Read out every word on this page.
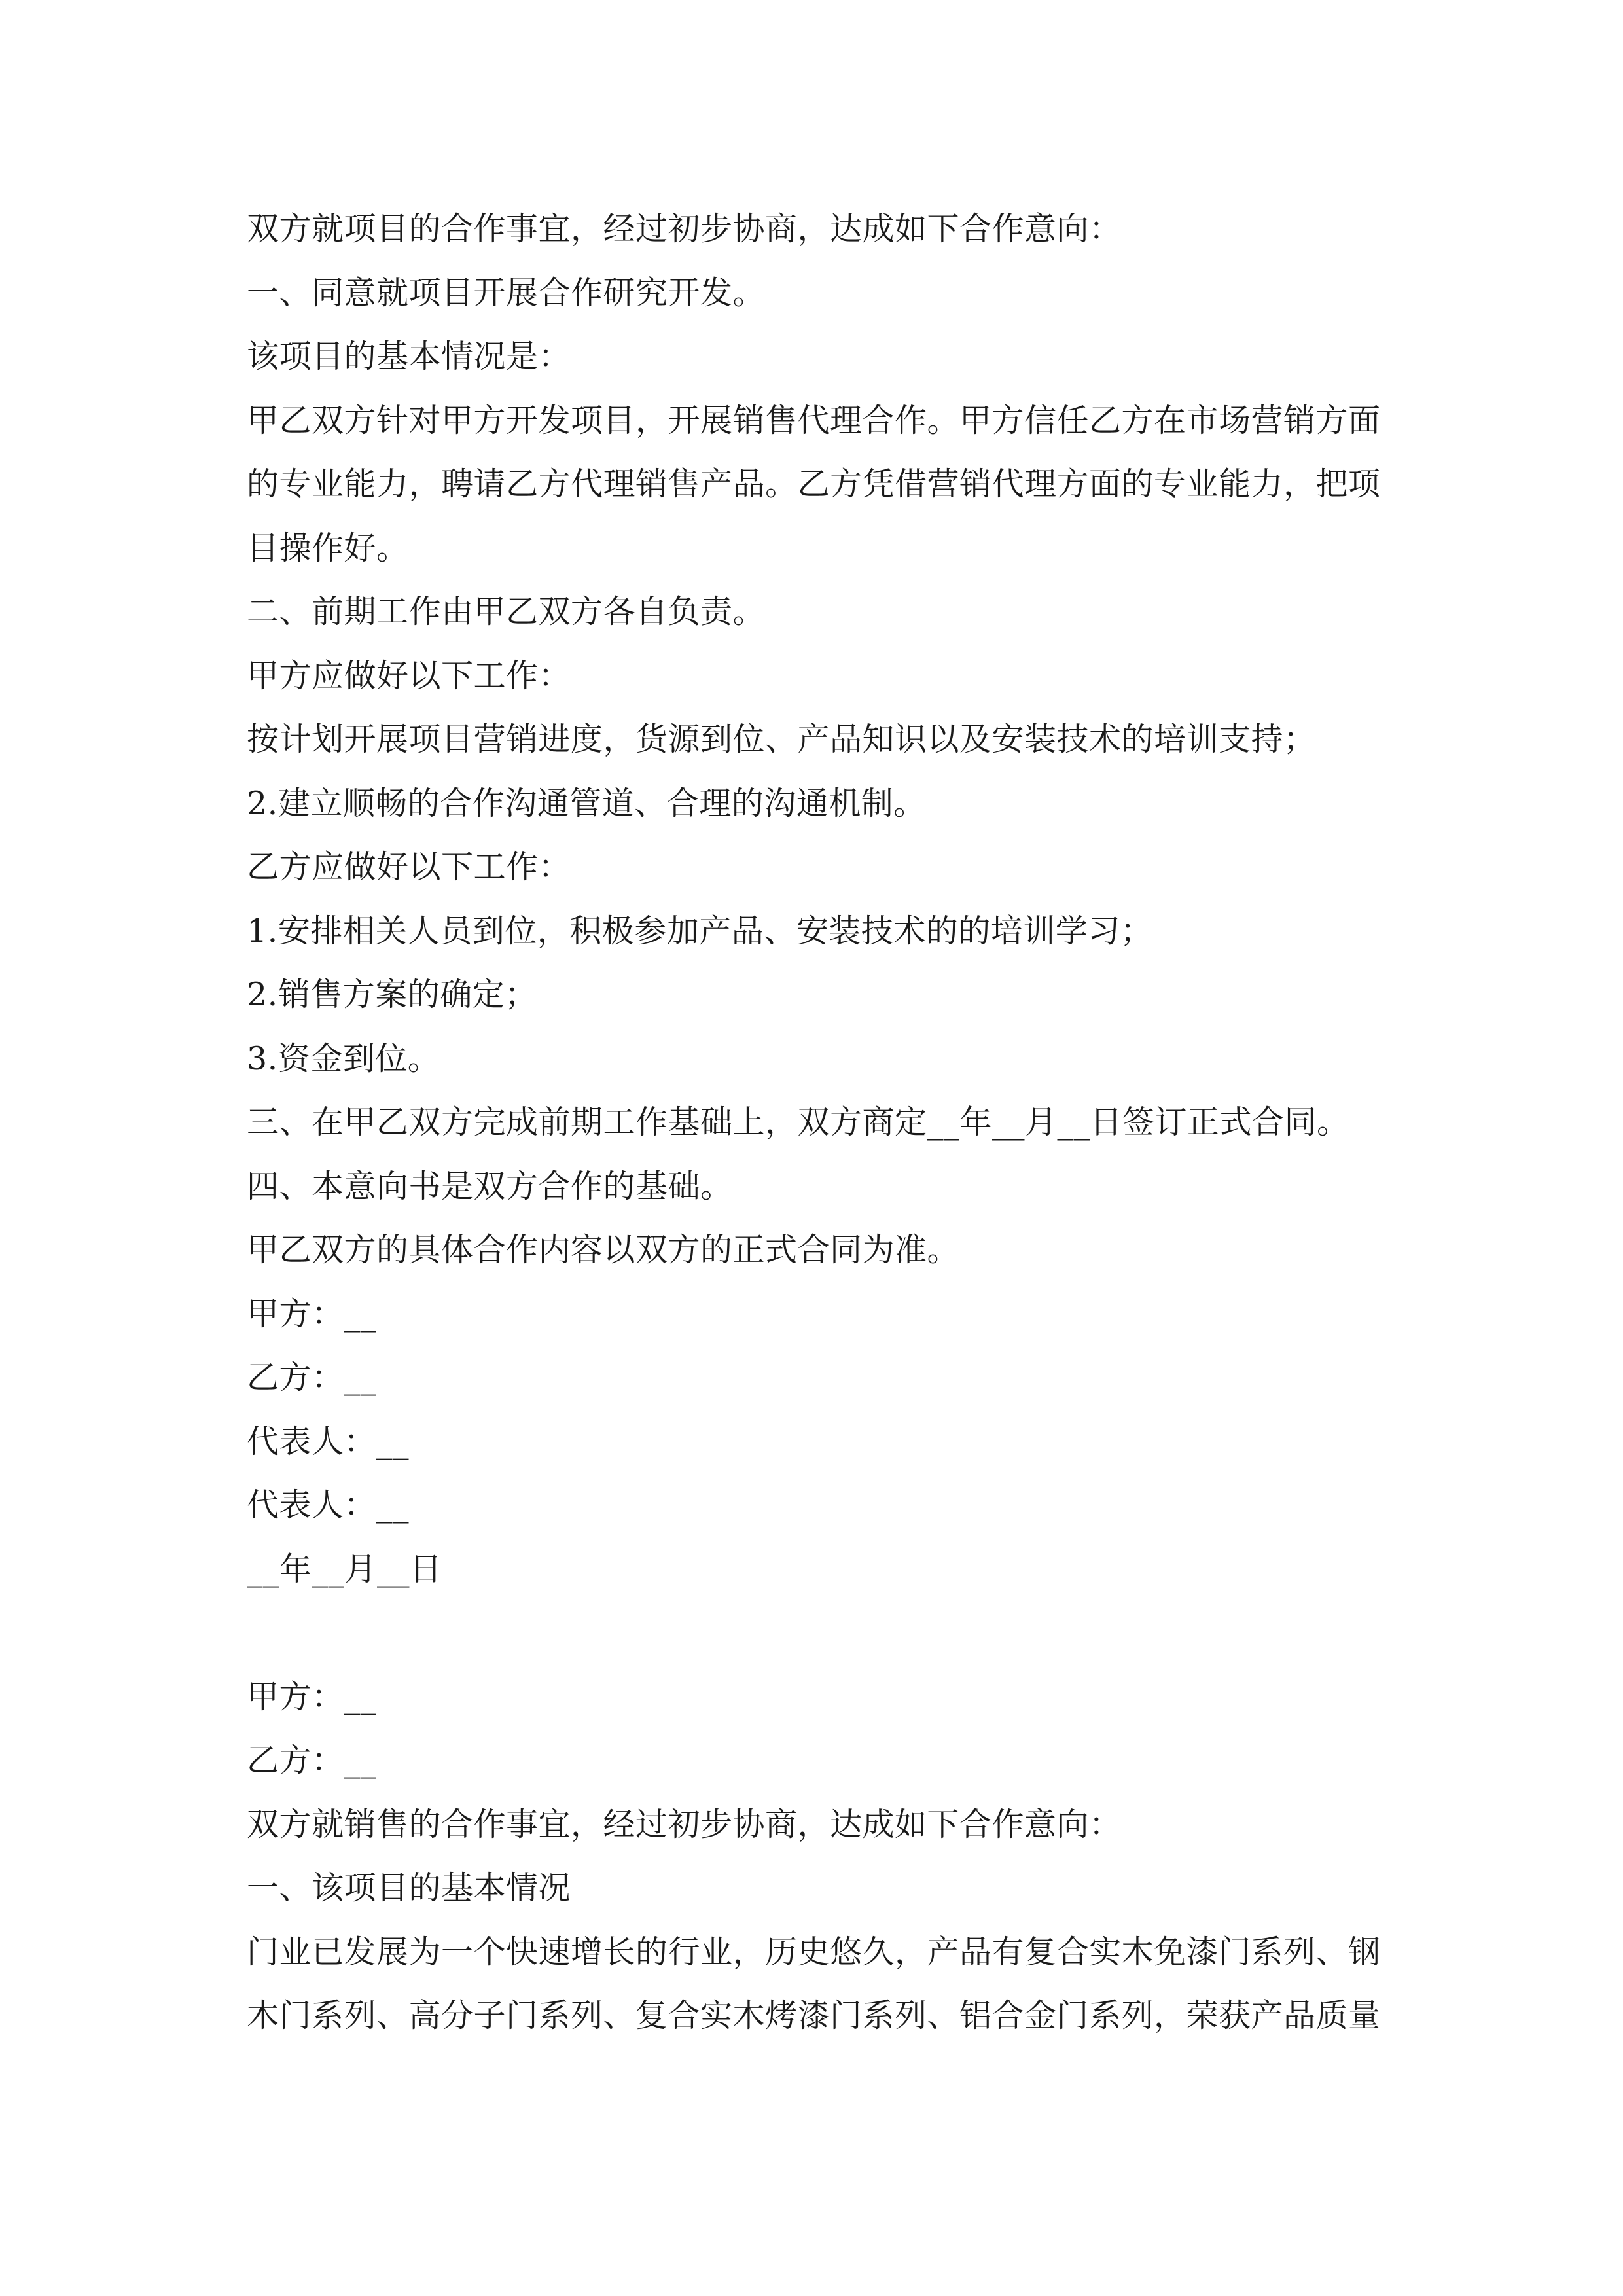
双方就项目的合作事宜，经过初步协商，达成如下合作意向：
一、同意就项目开展合作研究开发。
该项目的基本情况是：
甲乙双方针对甲方开发项目，开展销售代理合作。甲方信任乙方在市场营销方面
的专业能力，聘请乙方代理销售产品。乙方凭借营销代理方面的专业能力，把项
目操作好。
二、前期工作由甲乙双方各自负责。
甲方应做好以下工作：
按计划开展项目营销进度，货源到位、产品知识以及安装技术的培训支持；
2.建立顺畅的合作沟通管道、合理的沟通机制。
乙方应做好以下工作：
1.安排相关人员到位，积极参加产品、安装技术的的培训学习；
2.销售方案的确定；
3.资金到位。
三、在甲乙双方完成前期工作基础上，双方商定__年__月__日签订正式合同。
四、本意向书是双方合作的基础。
甲乙双方的具体合作内容以双方的正式合同为准。
甲方：__
乙方：__
代表人：__
代表人：__
__年__月__日
甲方：__
乙方：__
双方就销售的合作事宜，经过初步协商，达成如下合作意向：
一、该项目的基本情况
门业已发展为一个快速增长的行业，历史悠久，产品有复合实木免漆门系列、钢
木门系列、高分子门系列、复合实木烤漆门系列、铝合金门系列，荣获产品质量
